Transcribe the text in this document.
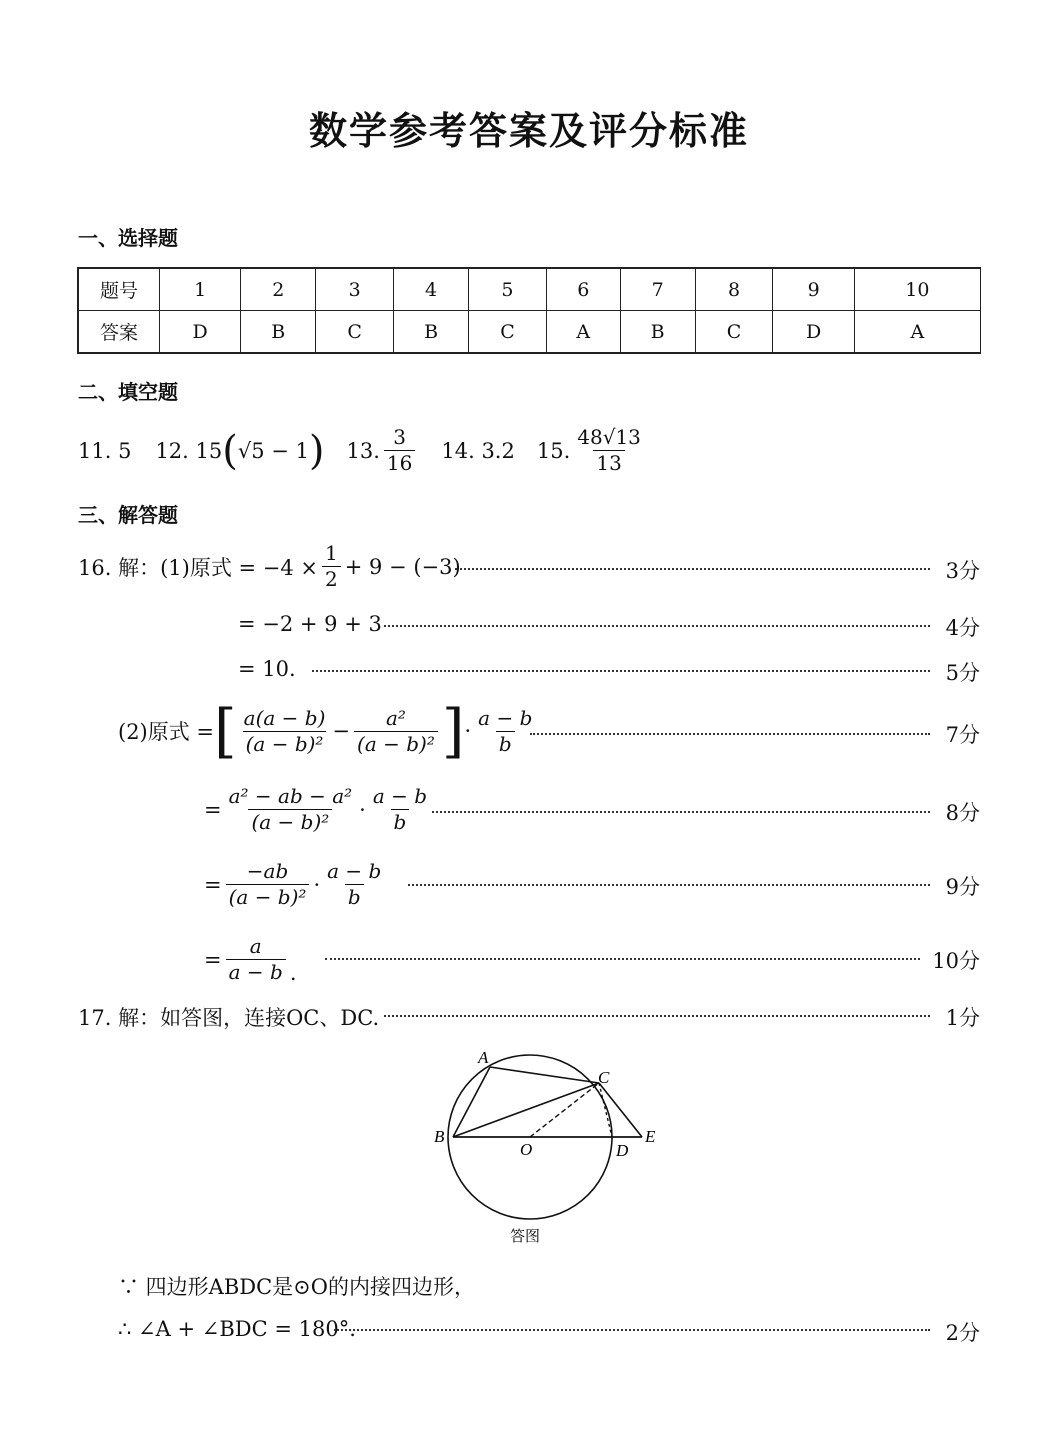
数学参考答案及评分标准
一、选择题
题号	1	2	3	4	5	6	7	8	9	10
答案	D	B	C	B	C	A	B	C	D	A
二、填空题
11. 5 12. 15 ( √5 − 1 ) 13. $\frac{3}{16} 14$. 3.2 15. $\frac{48√13}{13}$
三、解答题
16. 解：(1)原式 = $-4 \times \frac{1}{2} + 9 - (-3)$	3分
= −2 + 9 + 3	4分
= 10.	5分
(2)原式 = [ $\frac{a(a - b)}{\text{(a − b)²}} - \frac{\text{a²}}{\text{(a − b)²}}$ ] · $\frac{a - b}{b}$	7分
= $\frac{\text{a² − ab − a²}}{\text{(a − b)²}} \cdot \frac{a - b}{b}$	8分
= $\frac{-ab}{\text{(a − b)²}} \cdot \frac{a - b}{b}$	9分
= $\frac{a}{a - b}$ .	10分
17. 解：如答图，连接OC、DC.	1分
A
C
B
O	D
E
答图
∵ 四边形ABDC是⊙O的内接四边形，
∴ ∠A + ∠BDC = 180°.	2分
